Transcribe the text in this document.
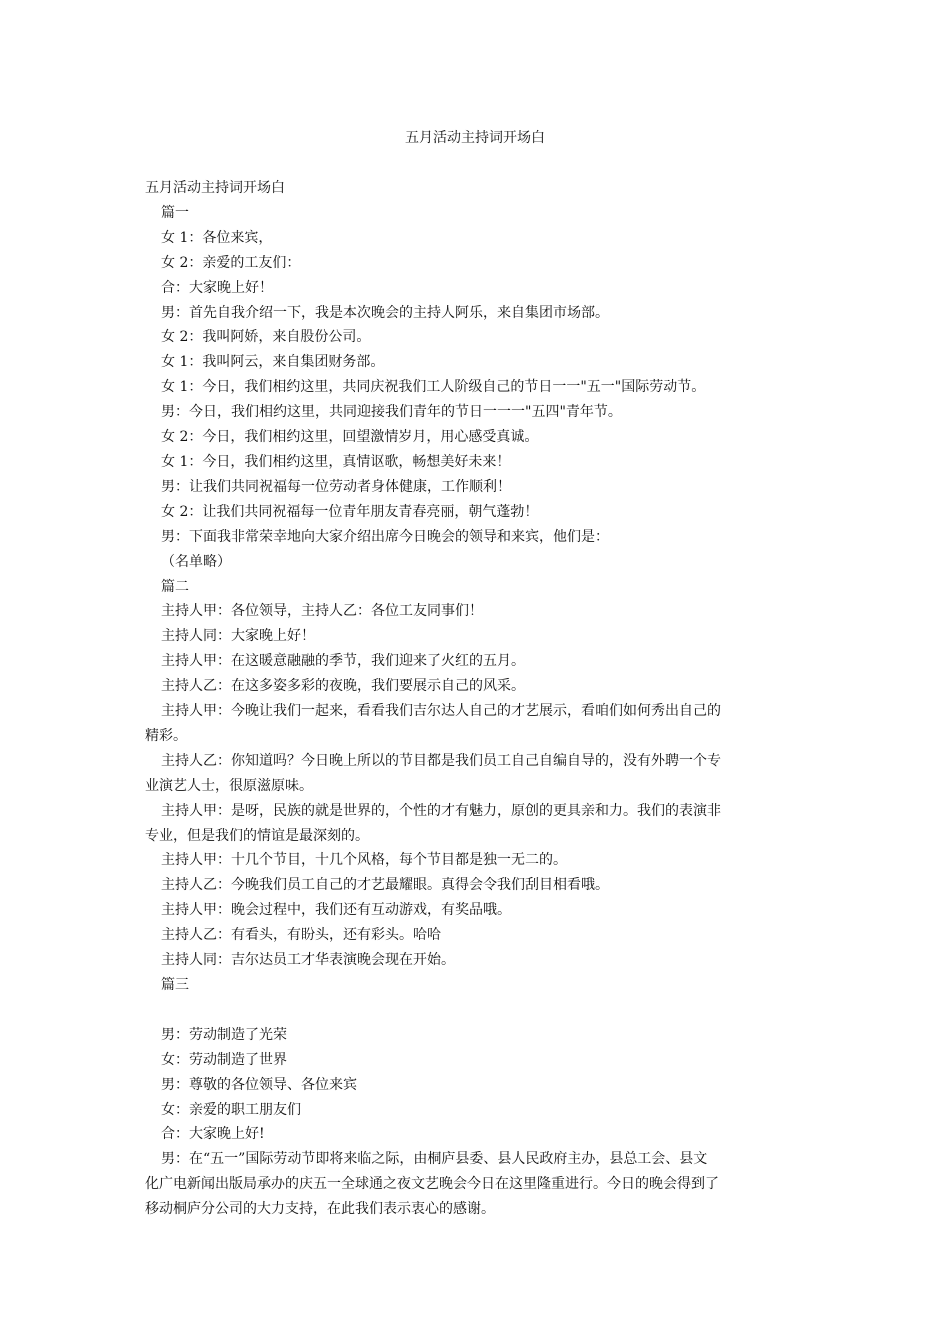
五月活动主持词开场白

五月活动主持词开场白

篇一

女 1：各位来宾，

女 2：亲爱的工友们：

合：大家晚上好！

男：首先自我介绍一下，我是本次晚会的主持人阿乐，来自集团市场部。

女 2：我叫阿娇，来自股份公司。

女 1：我叫阿云，来自集团财务部。

女 1：今日，我们相约这里，共同庆祝我们工人阶级自己的节日一一"五一"国际劳动节。

男：今日，我们相约这里，共同迎接我们青年的节日一一一"五四"青年节。

女 2：今日，我们相约这里，回望激情岁月，用心感受真诚。

女 1：今日，我们相约这里，真情讴歌，畅想美好未来！

男：让我们共同祝福每一位劳动者身体健康，工作顺利！

女 2：让我们共同祝福每一位青年朋友青春亮丽，朝气蓬勃！

男：下面我非常荣幸地向大家介绍出席今日晚会的领导和来宾，他们是：

（名单略）

篇二

主持人甲：各位领导，主持人乙：各位工友同事们！

主持人同：大家晚上好！

主持人甲：在这暖意融融的季节，我们迎来了火红的五月。

主持人乙：在这多姿多彩的夜晚，我们要展示自己的风采。

主持人甲：今晚让我们一起来，看看我们吉尔达人自己的才艺展示，看咱们如何秀出自己的

精彩。

主持人乙：你知道吗？今日晚上所以的节目都是我们员工自己自编自导的，没有外聘一个专

业演艺人士，很原滋原味。

主持人甲：是呀，民族的就是世界的，个性的才有魅力，原创的更具亲和力。我们的表演非

专业，但是我们的情谊是最深刻的。

主持人甲：十几个节目，十几个风格，每个节目都是独一无二的。

主持人乙：今晚我们员工自己的才艺最耀眼。真得会令我们刮目相看哦。

主持人甲：晚会过程中，我们还有互动游戏，有奖品哦。

主持人乙：有看头，有盼头，还有彩头。哈哈

主持人同：吉尔达员工才华表演晚会现在开始。

篇三

男：劳动制造了光荣

女：劳动制造了世界

男：尊敬的各位领导、各位来宾

女：亲爱的职工朋友们

合：大家晚上好!

男：在“五一”国际劳动节即将来临之际，由桐庐县委、县人民政府主办，县总工会、县文

化广电新闻出版局承办的庆五一全球通之夜文艺晚会今日在这里隆重进行。今日的晚会得到了

移动桐庐分公司的大力支持，在此我们表示衷心的感谢。
